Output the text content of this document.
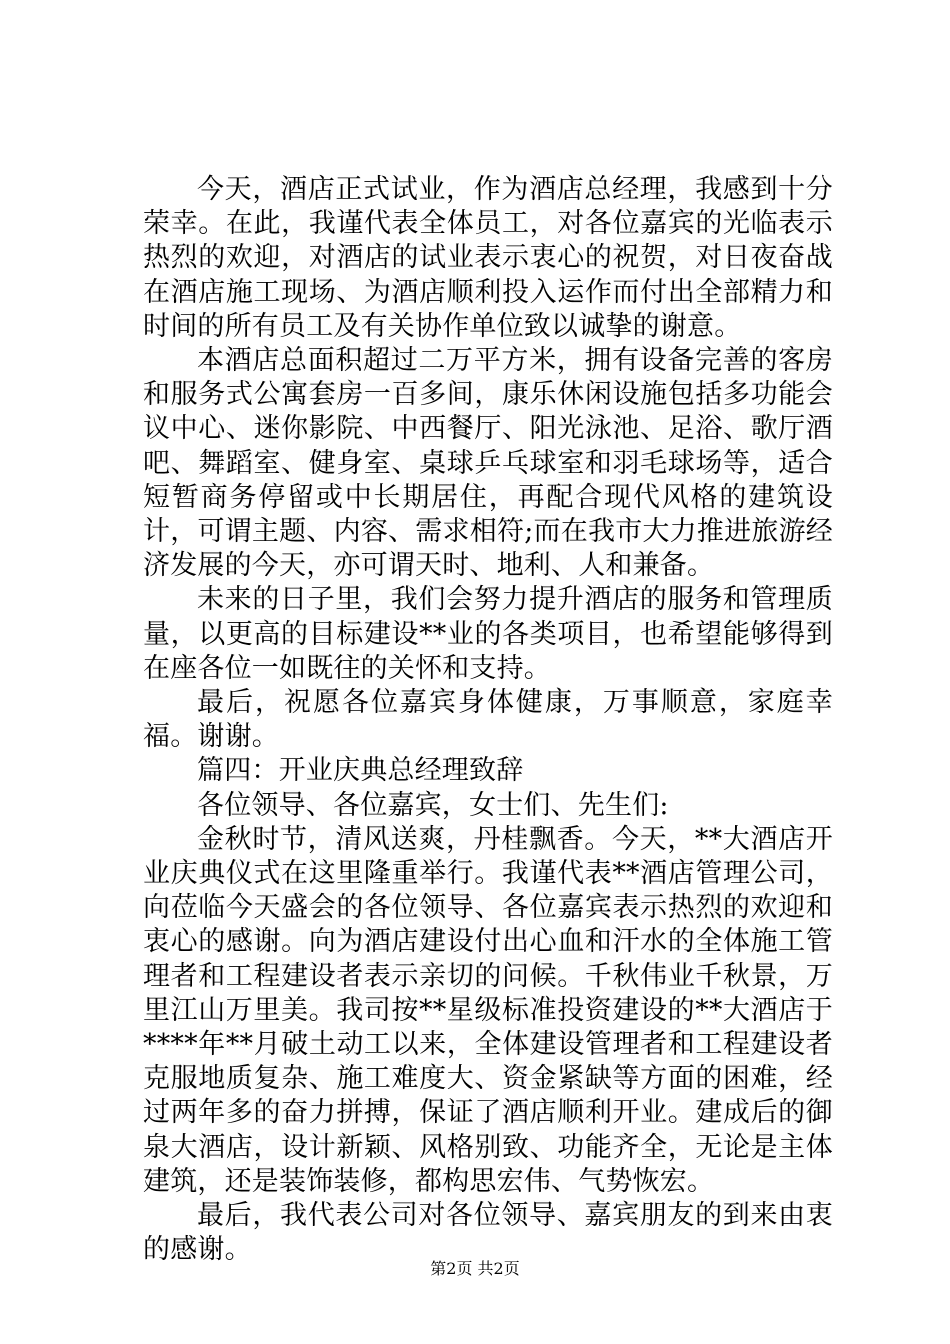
今天，酒店正式试业，作为酒店总经理，我感到十分荣幸。在此，我谨代表全体员工，对各位嘉宾的光临表示热烈的欢迎，对酒店的试业表示衷心的祝贺，对日夜奋战在酒店施工现场、为酒店顺利投入运作而付出全部精力和时间的所有员工及有关协作单位致以诚挚的谢意。

本酒店总面积超过二万平方米，拥有设备完善的客房和服务式公寓套房一百多间，康乐休闲设施包括多功能会议中心、迷你影院、中西餐厅、阳光泳池、足浴、歌厅酒吧、舞蹈室、健身室、桌球乒乓球室和羽毛球场等，适合短暂商务停留或中长期居住，再配合现代风格的建筑设计，可谓主题、内容、需求相符;而在我市大力推进旅游经济发展的今天，亦可谓天时、地利、人和兼备。

未来的日子里，我们会努力提升酒店的服务和管理质量，以更高的目标建设**业的各类项目，也希望能够得到在座各位一如既往的关怀和支持。

最后，祝愿各位嘉宾身体健康，万事顺意，家庭幸福。谢谢。

篇四：开业庆典总经理致辞

各位领导、各位嘉宾，女士们、先生们:

金秋时节，清风送爽，丹桂飘香。今天，**大酒店开业庆典仪式在这里隆重举行。我谨代表**酒店管理公司，向莅临今天盛会的各位领导、各位嘉宾表示热烈的欢迎和衷心的感谢。向为酒店建设付出心血和汗水的全体施工管理者和工程建设者表示亲切的问候。千秋伟业千秋景，万里江山万里美。我司按**星级标准投资建设的**大酒店于****年**月破土动工以来，全体建设管理者和工程建设者克服地质复杂、施工难度大、资金紧缺等方面的困难，经过两年多的奋力拼搏，保证了酒店顺利开业。建成后的御泉大酒店，设计新颖、风格别致、功能齐全，无论是主体建筑，还是装饰装修，都构思宏伟、气势恢宏。

最后，我代表公司对各位领导、嘉宾朋友的到来由衷的感谢。

第2页 共2页
